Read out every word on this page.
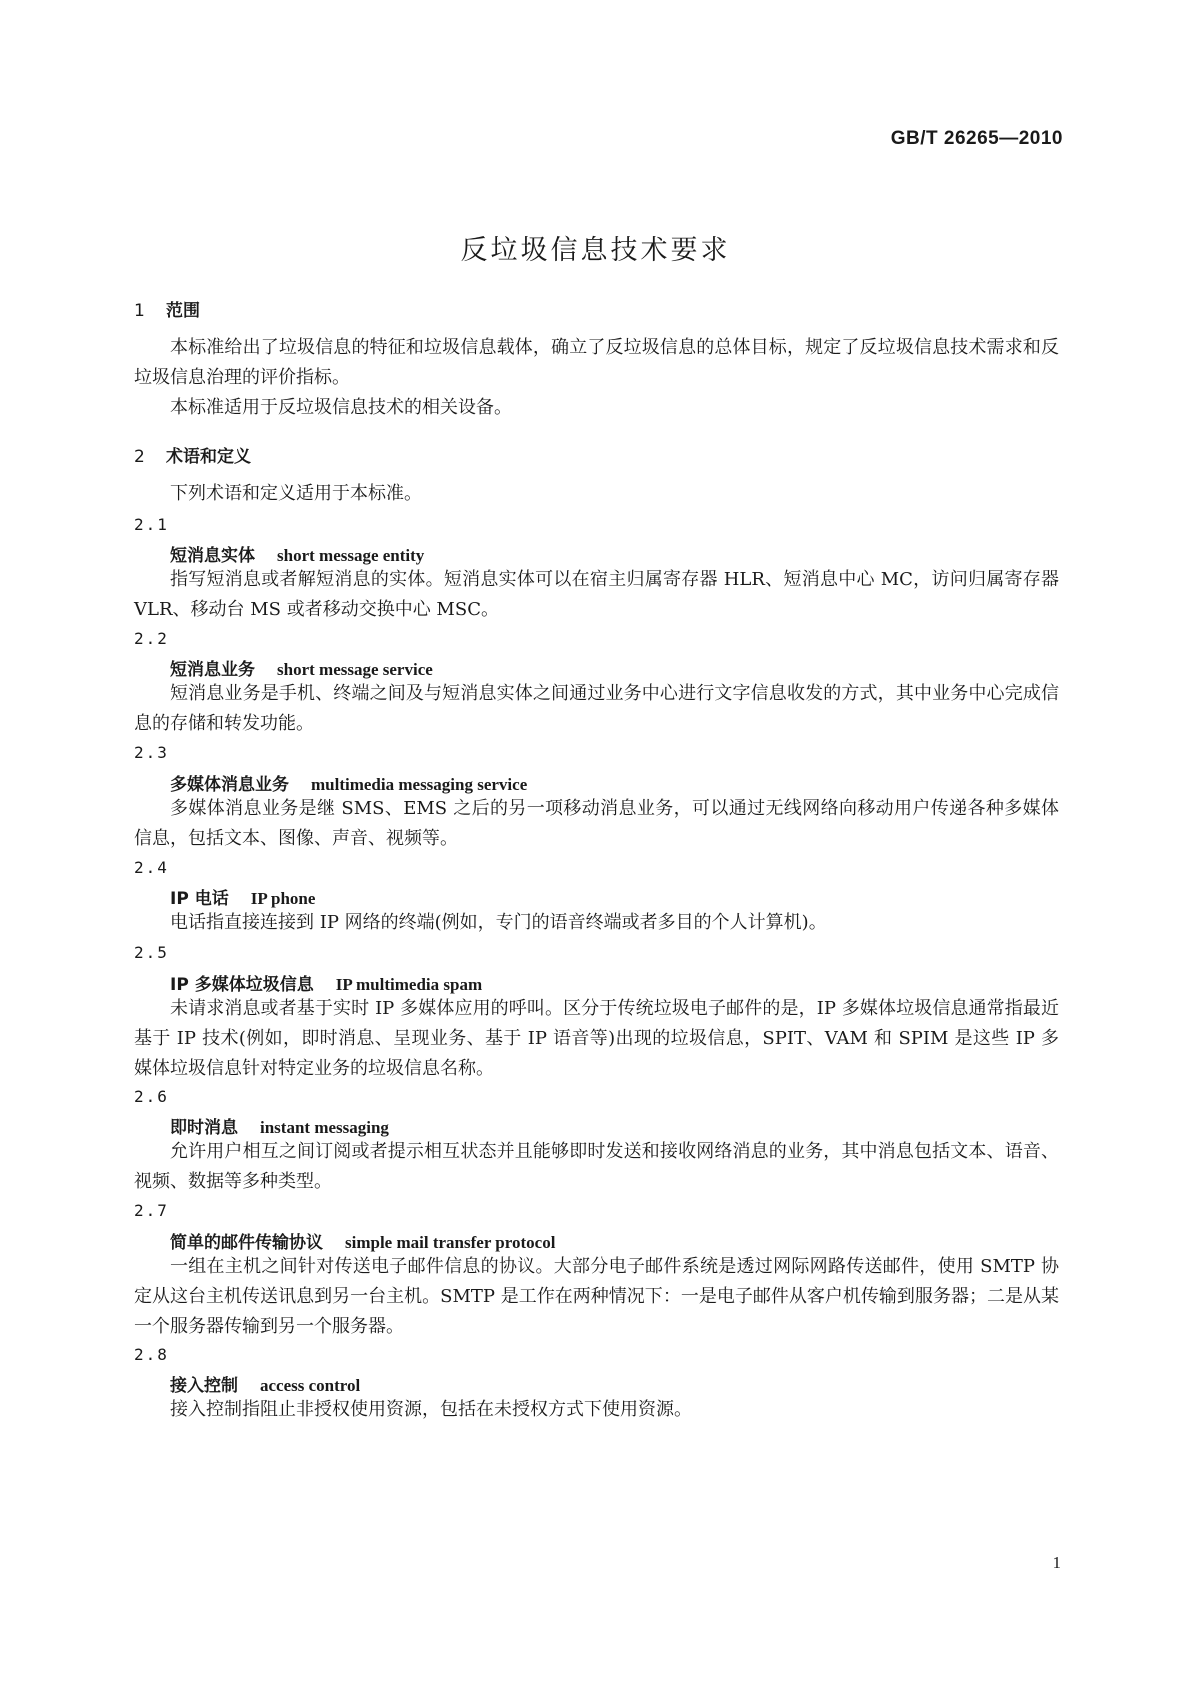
GB/T 26265—2010
反垃圾信息技术要求
1 范围
本标准给出了垃圾信息的特征和垃圾信息载体，确立了反垃圾信息的总体目标，规定了反垃圾信息技术需求和反垃圾信息治理的评价指标。
本标准适用于反垃圾信息技术的相关设备。
2 术语和定义
下列术语和定义适用于本标准。
2.1
短消息实体 short message entity
指写短消息或者解短消息的实体。短消息实体可以在宿主归属寄存器 HLR、短消息中心 MC，访问归属寄存器 VLR、移动台 MS 或者移动交换中心 MSC。
2.2
短消息业务 short message service
短消息业务是手机、终端之间及与短消息实体之间通过业务中心进行文字信息收发的方式，其中业务中心完成信息的存储和转发功能。
2.3
多媒体消息业务 multimedia messaging service
多媒体消息业务是继 SMS、EMS 之后的另一项移动消息业务，可以通过无线网络向移动用户传递各种多媒体信息，包括文本、图像、声音、视频等。
2.4
IP 电话 IP phone
电话指直接连接到 IP 网络的终端(例如，专门的语音终端或者多目的个人计算机)。
2.5
IP 多媒体垃圾信息 IP multimedia spam
未请求消息或者基于实时 IP 多媒体应用的呼叫。区分于传统垃圾电子邮件的是，IP 多媒体垃圾信息通常指最近基于 IP 技术(例如，即时消息、呈现业务、基于 IP 语音等)出现的垃圾信息，SPIT、VAM 和 SPIM 是这些 IP 多媒体垃圾信息针对特定业务的垃圾信息名称。
2.6
即时消息 instant messaging
允许用户相互之间订阅或者提示相互状态并且能够即时发送和接收网络消息的业务，其中消息包括文本、语音、视频、数据等多种类型。
2.7
简单的邮件传输协议 simple mail transfer protocol
一组在主机之间针对传送电子邮件信息的协议。大部分电子邮件系统是透过网际网路传送邮件，使用 SMTP 协定从这台主机传送讯息到另一台主机。SMTP 是工作在两种情况下：一是电子邮件从客户机传输到服务器；二是从某一个服务器传输到另一个服务器。
2.8
接入控制 access control
接入控制指阻止非授权使用资源，包括在未授权方式下使用资源。
1
